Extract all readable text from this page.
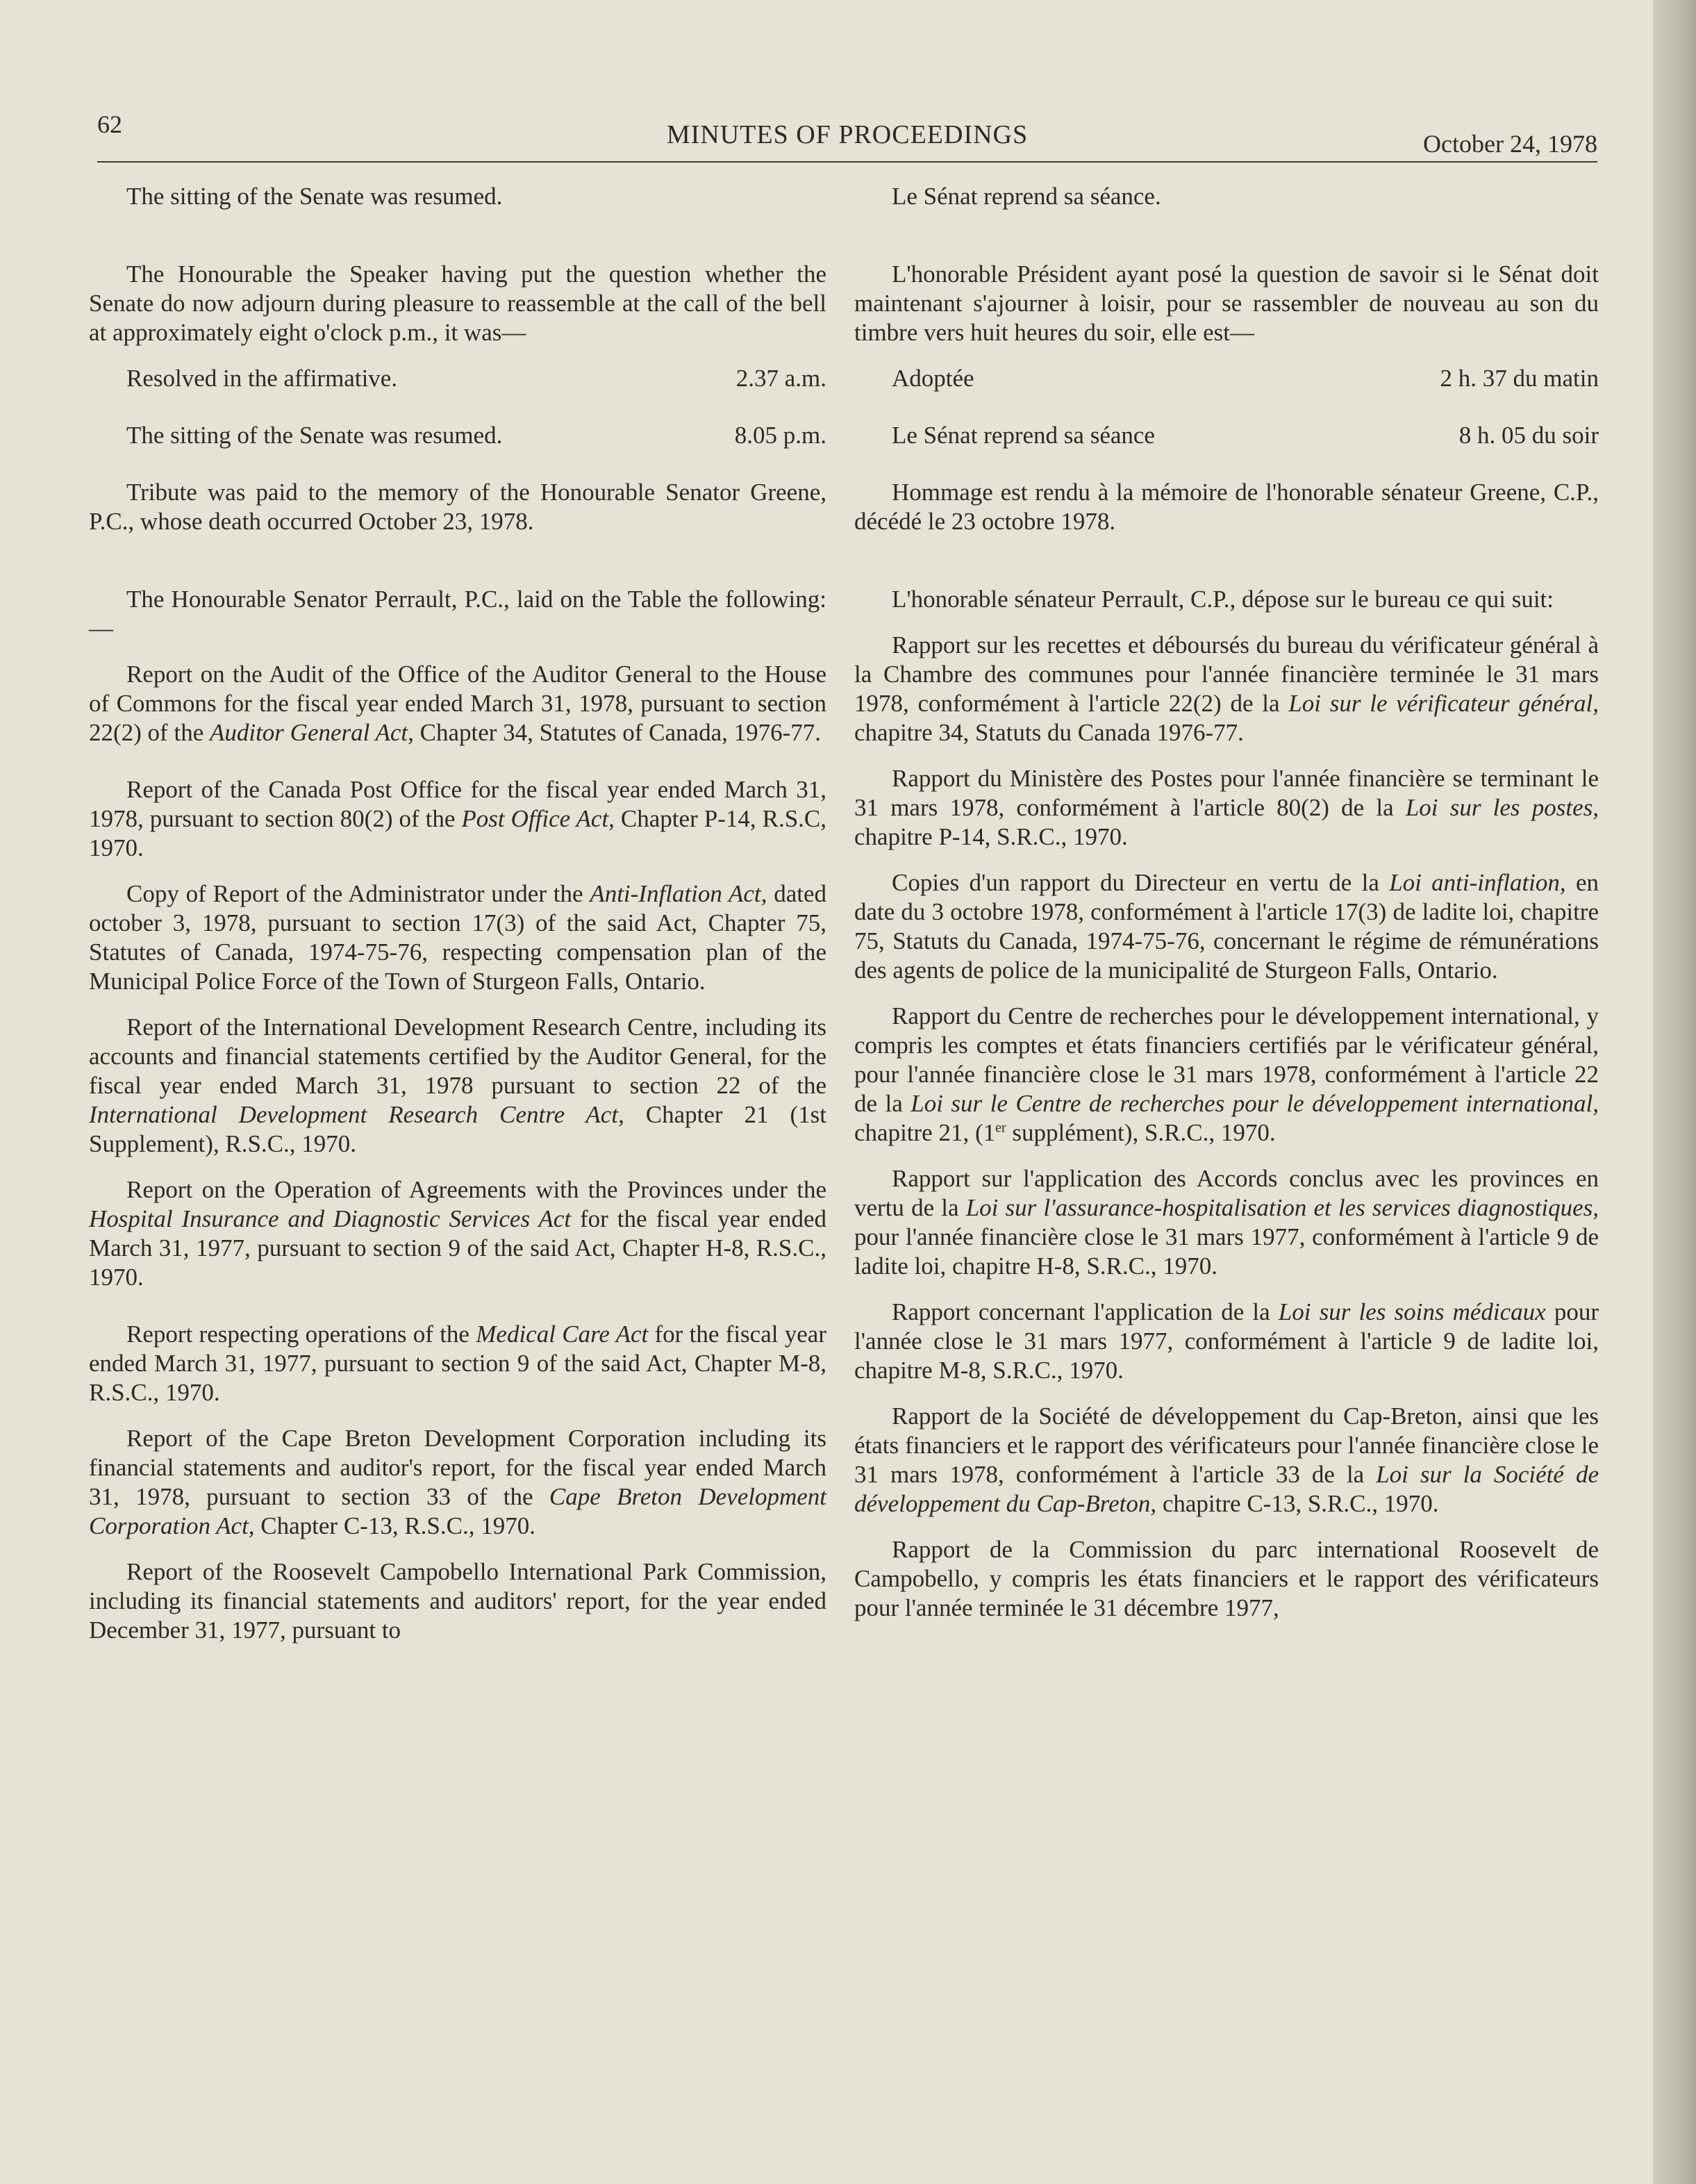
62	MINUTES OF PROCEEDINGS	October 24, 1978

The sitting of the Senate was resumed.

The Honourable the Speaker having put the question whether the Senate do now adjourn during pleasure to reassemble at the call of the bell at approximately eight o'clock p.m., it was—

Resolved in the affirmative.	2.37 a.m.
The sitting of the Senate was resumed.	8.05 p.m.

Tribute was paid to the memory of the Honourable Senator Greene, P.C., whose death occurred October 23, 1978.

The Honourable Senator Perrault, P.C., laid on the Table the following:—

Report on the Audit of the Office of the Auditor General to the House of Commons for the fiscal year ended March 31, 1978, pursuant to section 22(2) of the Auditor General Act, Chapter 34, Statutes of Canada, 1976-77.

Report of the Canada Post Office for the fiscal year ended March 31, 1978, pursuant to section 80(2) of the Post Office Act, Chapter P-14, R.S.C, 1970.

Copy of Report of the Administrator under the Anti-Inflation Act, dated october 3, 1978, pursuant to section 17(3) of the said Act, Chapter 75, Statutes of Canada, 1974-75-76, respecting compensation plan of the Municipal Police Force of the Town of Sturgeon Falls, Ontario.

Report of the International Development Research Centre, including its accounts and financial statements certified by the Auditor General, for the fiscal year ended March 31, 1978 pursuant to section 22 of the International Development Research Centre Act, Chapter 21 (1st Supplement), R.S.C., 1970.

Report on the Operation of Agreements with the Provinces under the Hospital Insurance and Diagnostic Services Act for the fiscal year ended March 31, 1977, pursuant to section 9 of the said Act, Chapter H-8, R.S.C., 1970.

Report respecting operations of the Medical Care Act for the fiscal year ended March 31, 1977, pursuant to section 9 of the said Act, Chapter M-8, R.S.C., 1970.

Report of the Cape Breton Development Corporation including its financial statements and auditor's report, for the fiscal year ended March 31, 1978, pursuant to section 33 of the Cape Breton Development Corporation Act, Chapter C-13, R.S.C., 1970.

Report of the Roosevelt Campobello International Park Commission, including its financial statements and auditors' report, for the year ended December 31, 1977, pursuant to

Le Sénat reprend sa séance.

L'honorable Président ayant posé la question de savoir si le Sénat doit maintenant s'ajourner à loisir, pour se rassembler de nouveau au son du timbre vers huit heures du soir, elle est—

Adoptée	2 h. 37 du matin
Le Sénat reprend sa séance	8 h. 05 du soir

Hommage est rendu à la mémoire de l'honorable sénateur Greene, C.P., décédé le 23 octobre 1978.

L'honorable sénateur Perrault, C.P., dépose sur le bureau ce qui suit:

Rapport sur les recettes et déboursés du bureau du vérificateur général à la Chambre des communes pour l'année financière terminée le 31 mars 1978, conformément à l'article 22(2) de la Loi sur le vérificateur général, chapitre 34, Statuts du Canada 1976-77.

Rapport du Ministère des Postes pour l'année financière se terminant le 31 mars 1978, conformément à l'article 80(2) de la Loi sur les postes, chapitre P-14, S.R.C., 1970.

Copies d'un rapport du Directeur en vertu de la Loi anti-inflation, en date du 3 octobre 1978, conformément à l'article 17(3) de ladite loi, chapitre 75, Statuts du Canada, 1974-75-76, concernant le régime de rémunérations des agents de police de la municipalité de Sturgeon Falls, Ontario.

Rapport du Centre de recherches pour le développement international, y compris les comptes et états financiers certifiés par le vérificateur général, pour l'année financière close le 31 mars 1978, conformément à l'article 22 de la Loi sur le Centre de recherches pour le développement international, chapitre 21, (1er supplément), S.R.C., 1970.

Rapport sur l'application des Accords conclus avec les provinces en vertu de la Loi sur l'assurance-hospitalisation et les services diagnostiques, pour l'année financière close le 31 mars 1977, conformément à l'article 9 de ladite loi, chapitre H-8, S.R.C., 1970.

Rapport concernant l'application de la Loi sur les soins médicaux pour l'année close le 31 mars 1977, conformément à l'article 9 de ladite loi, chapitre M-8, S.R.C., 1970.

Rapport de la Société de développement du Cap-Breton, ainsi que les états financiers et le rapport des vérificateurs pour l'année financière close le 31 mars 1978, conformément à l'article 33 de la Loi sur la Société de développement du Cap-Breton, chapitre C-13, S.R.C., 1970.

Rapport de la Commission du parc international Roosevelt de Campobello, y compris les états financiers et le rapport des vérificateurs pour l'année terminée le 31 décembre 1977,
